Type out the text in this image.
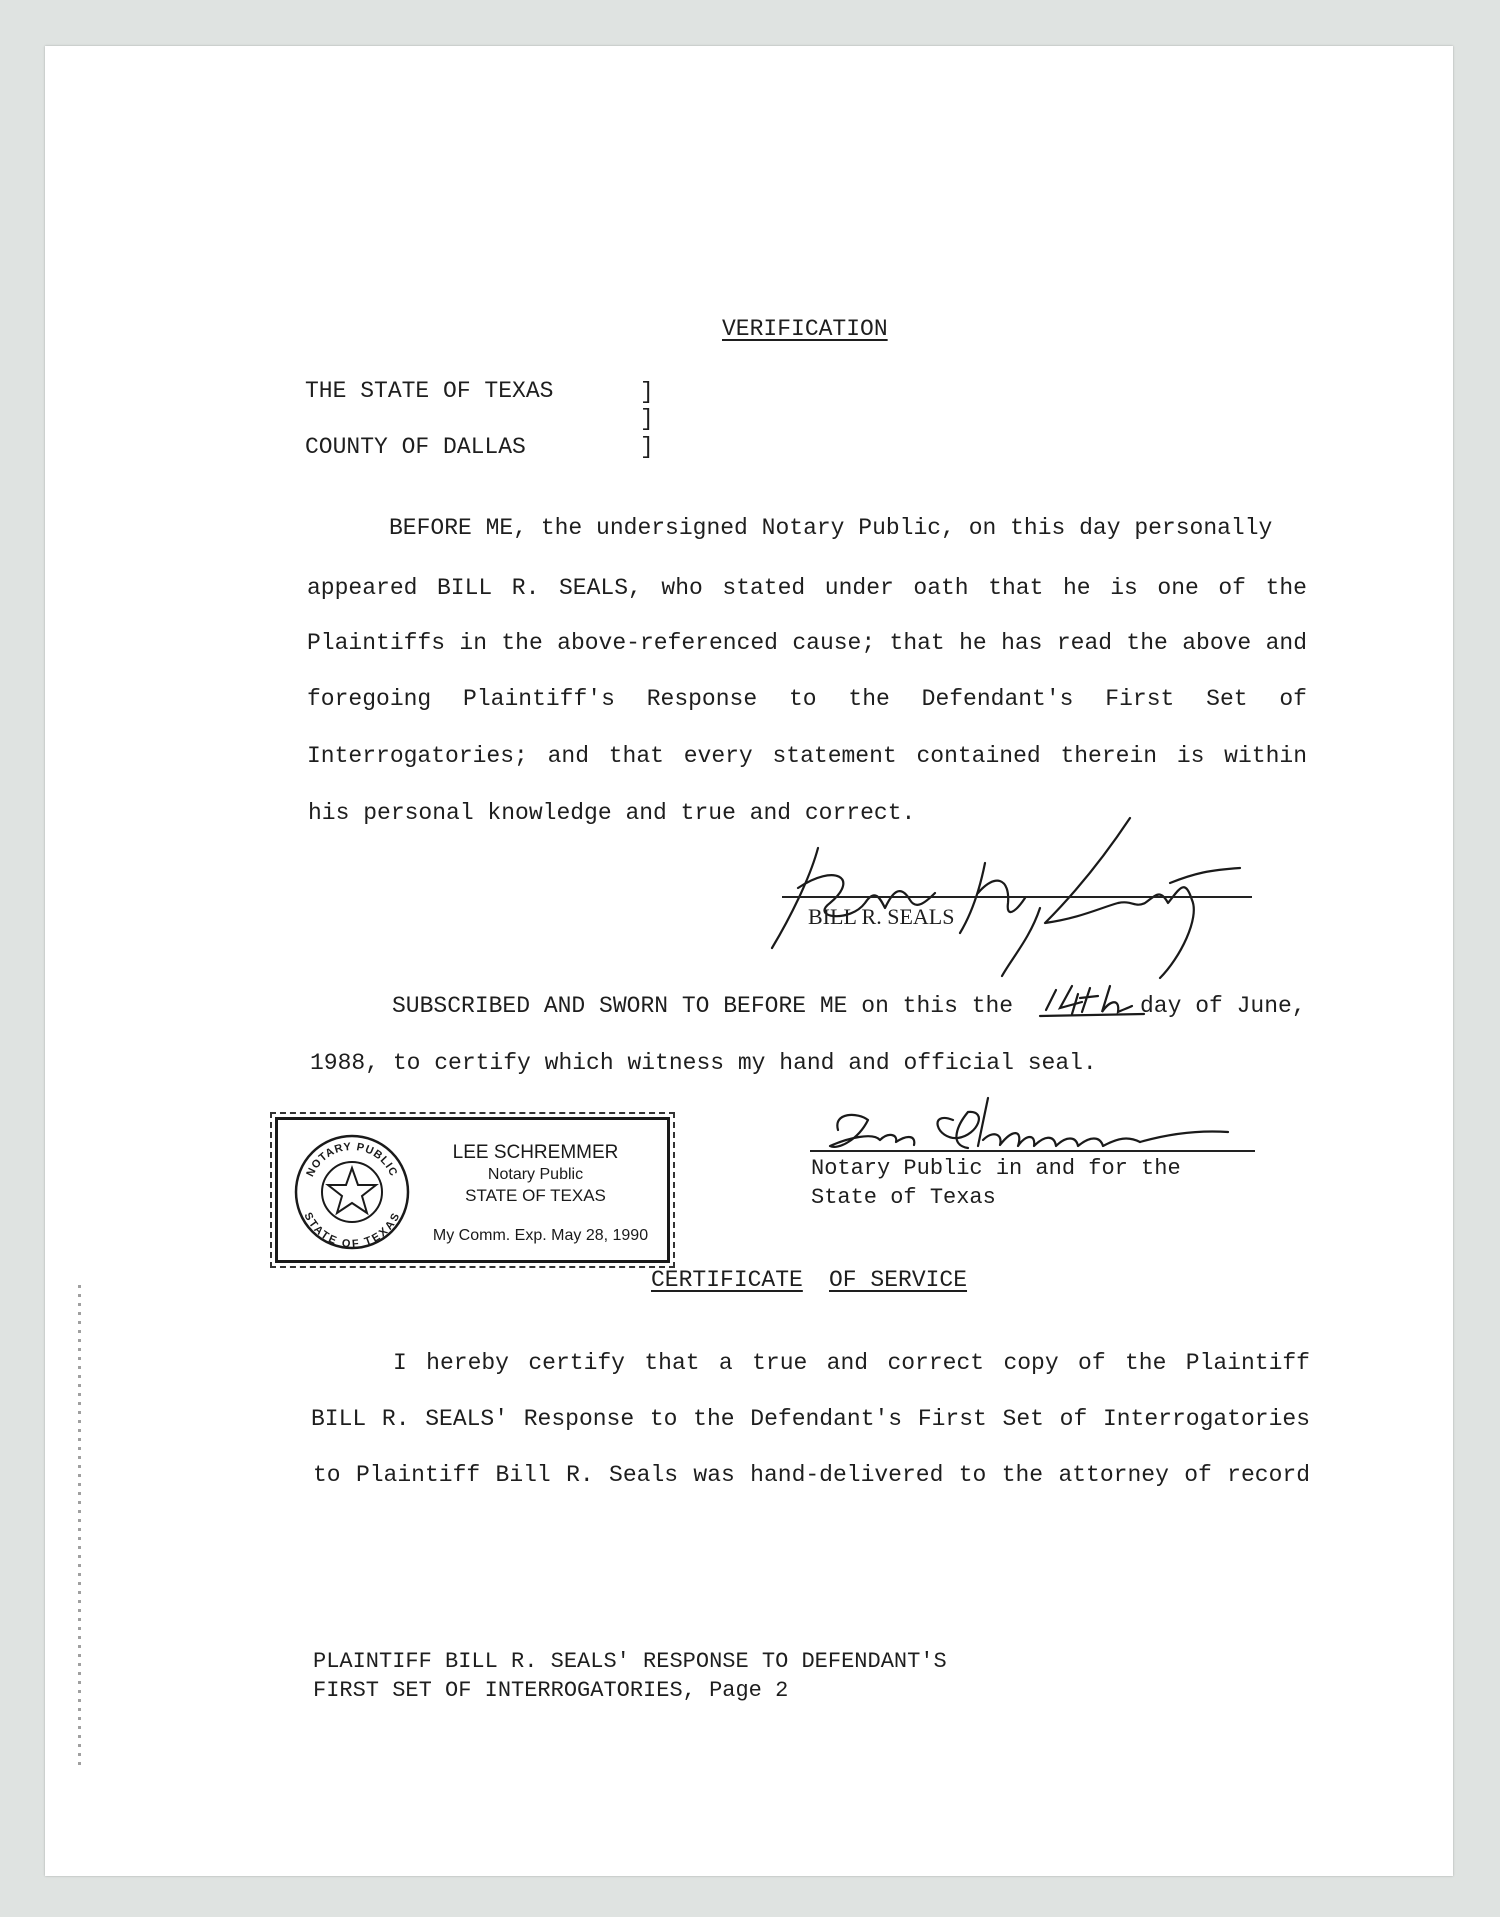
VERIFICATION
THE STATE OF TEXAS
COUNTY OF DALLAS
]
]
]
BEFORE ME, the undersigned Notary Public, on this day personally
appeared BILL R. SEALS, who stated under oath that he is one of the
Plaintiffs in the above-referenced cause; that he has read the above and
foregoing Plaintiff's Response to the Defendant's First Set of
Interrogatories; and that every statement contained therein is within
his personal knowledge and true and correct.
BILL R. SEALS
SUBSCRIBED AND SWORN TO BEFORE ME on this the	day of June,
1988, to certify which witness my hand and official seal.
Notary Public in and for the
State of Texas
NOTARY PUBLIC
STATE OF TEXAS
LEE SCHREMMER
Notary Public
STATE OF TEXAS
My Comm. Exp. May 28, 1990
CERTIFICATE OF SERVICE
I hereby certify that a true and correct copy of the Plaintiff
BILL R. SEALS' Response to the Defendant's First Set of Interrogatories
to Plaintiff Bill R. Seals was hand-delivered to the attorney of record
PLAINTIFF BILL R. SEALS' RESPONSE TO DEFENDANT'S
FIRST SET OF INTERROGATORIES, Page 2
